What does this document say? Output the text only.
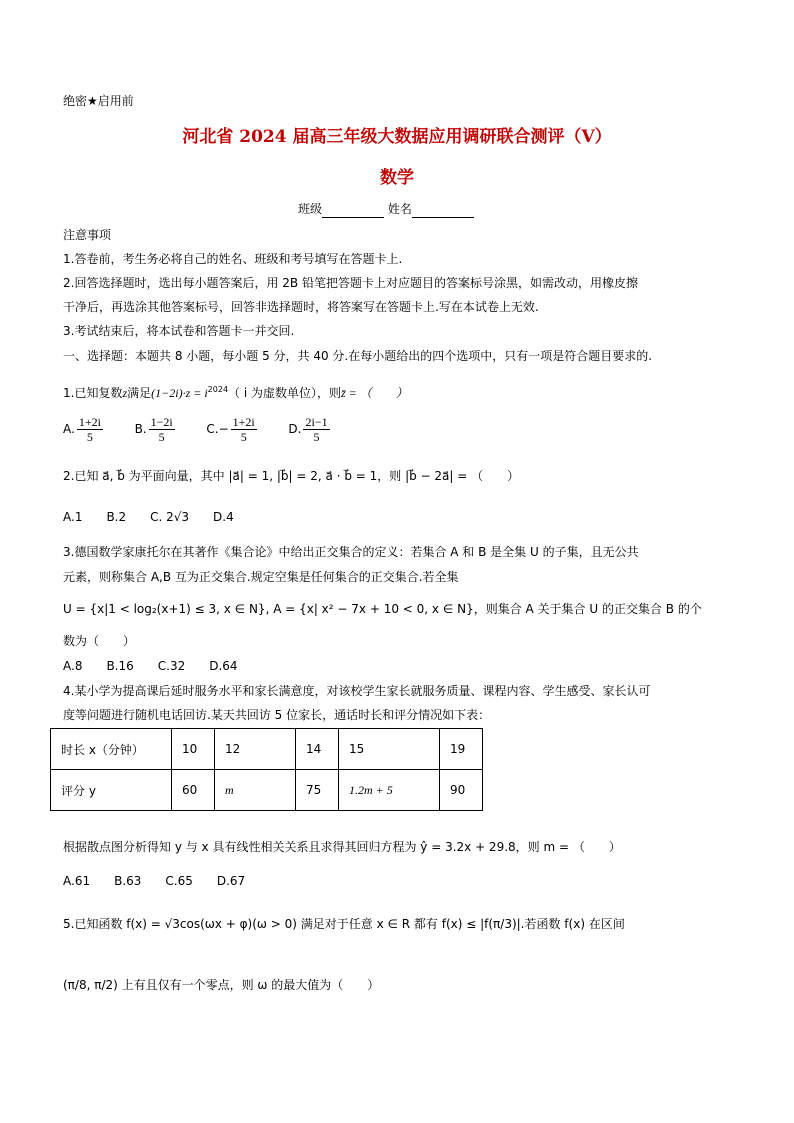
绝密★启用前
河北省 2024 届高三年级大数据应用调研联合测评（V）
数学
班级	姓名
注意事项
1.答卷前，考生务必将自己的姓名、班级和考号填写在答题卡上.
2.回答选择题时，选出每小题答案后，用 2B 铅笔把答题卡上对应题目的答案标号涂黑，如需改动，用橡皮擦
干净后，再选涂其他答案标号，回答非选择题时，将答案写在答题卡上.写在本试卷上无效.
3.考试结束后，将本试卷和答题卡一并交回.
一、选择题：本题共 8 小题，每小题 5 分，共 40 分.在每小题给出的四个选项中，只有一项是符合题目要求的.
1.已知复数z满足$(1-2i)\cdot z = i^{2024}$（ i 为虚数单位），则z̄ = （　　）
A. $\frac{1+2i}{5}$	B. $\frac{1-2i}{5}$	$C.- \frac{1+2i}{5}$	D. $\frac{2i-1}{5}$
2.已知 a⃗, b⃗ 为平面向量，其中 |a⃗| = 1, |b⃗| = 2, a⃗ · b⃗ = 1，则 |b⃗ − 2a⃗| = （　　）
A.1　　B.2　　C. 2√3　　D.4
3.德国数学家康托尔在其著作《集合论》中给出正交集合的定义：若集合 A 和 B 是全集 U 的子集，且无公共
元素，则称集合 A,B 互为正交集合.规定空集是任何集合的正交集合.若全集
U = {x|1 < log₂(x+1) ≤ 3, x ∈ N}, A = {x| x² − 7x + 10 < 0, x ∈ N}，则集合 A 关于集合 U 的正交集合 B 的个
数为（　　）
A.8　　B.16　　C.32　　D.64
4.某小学为提高课后延时服务水平和家长满意度，对该校学生家长就服务质量、课程内容、学生感受、家长认可
度等问题进行随机电话回访.某天共回访 5 位家长，通话时长和评分情况如下表：
时长 x（分钟）	10	12	14	15	19
评分 y	60	m	75	1.2m + 5	90
根据散点图分析得知 y 与 x 具有线性相关关系且求得其回归方程为 ŷ = 3.2x + 29.8，则 m = （　　）
A.61　　B.63　　C.65　　D.67
5.已知函数 f(x) = √3cos(ωx + φ)(ω > 0) 满足对于任意 x ∈ R 都有 f(x) ≤ |f(π/3)|.若函数 f(x) 在区间
(π/8, π/2) 上有且仅有一个零点，则 ω 的最大值为（　　）
